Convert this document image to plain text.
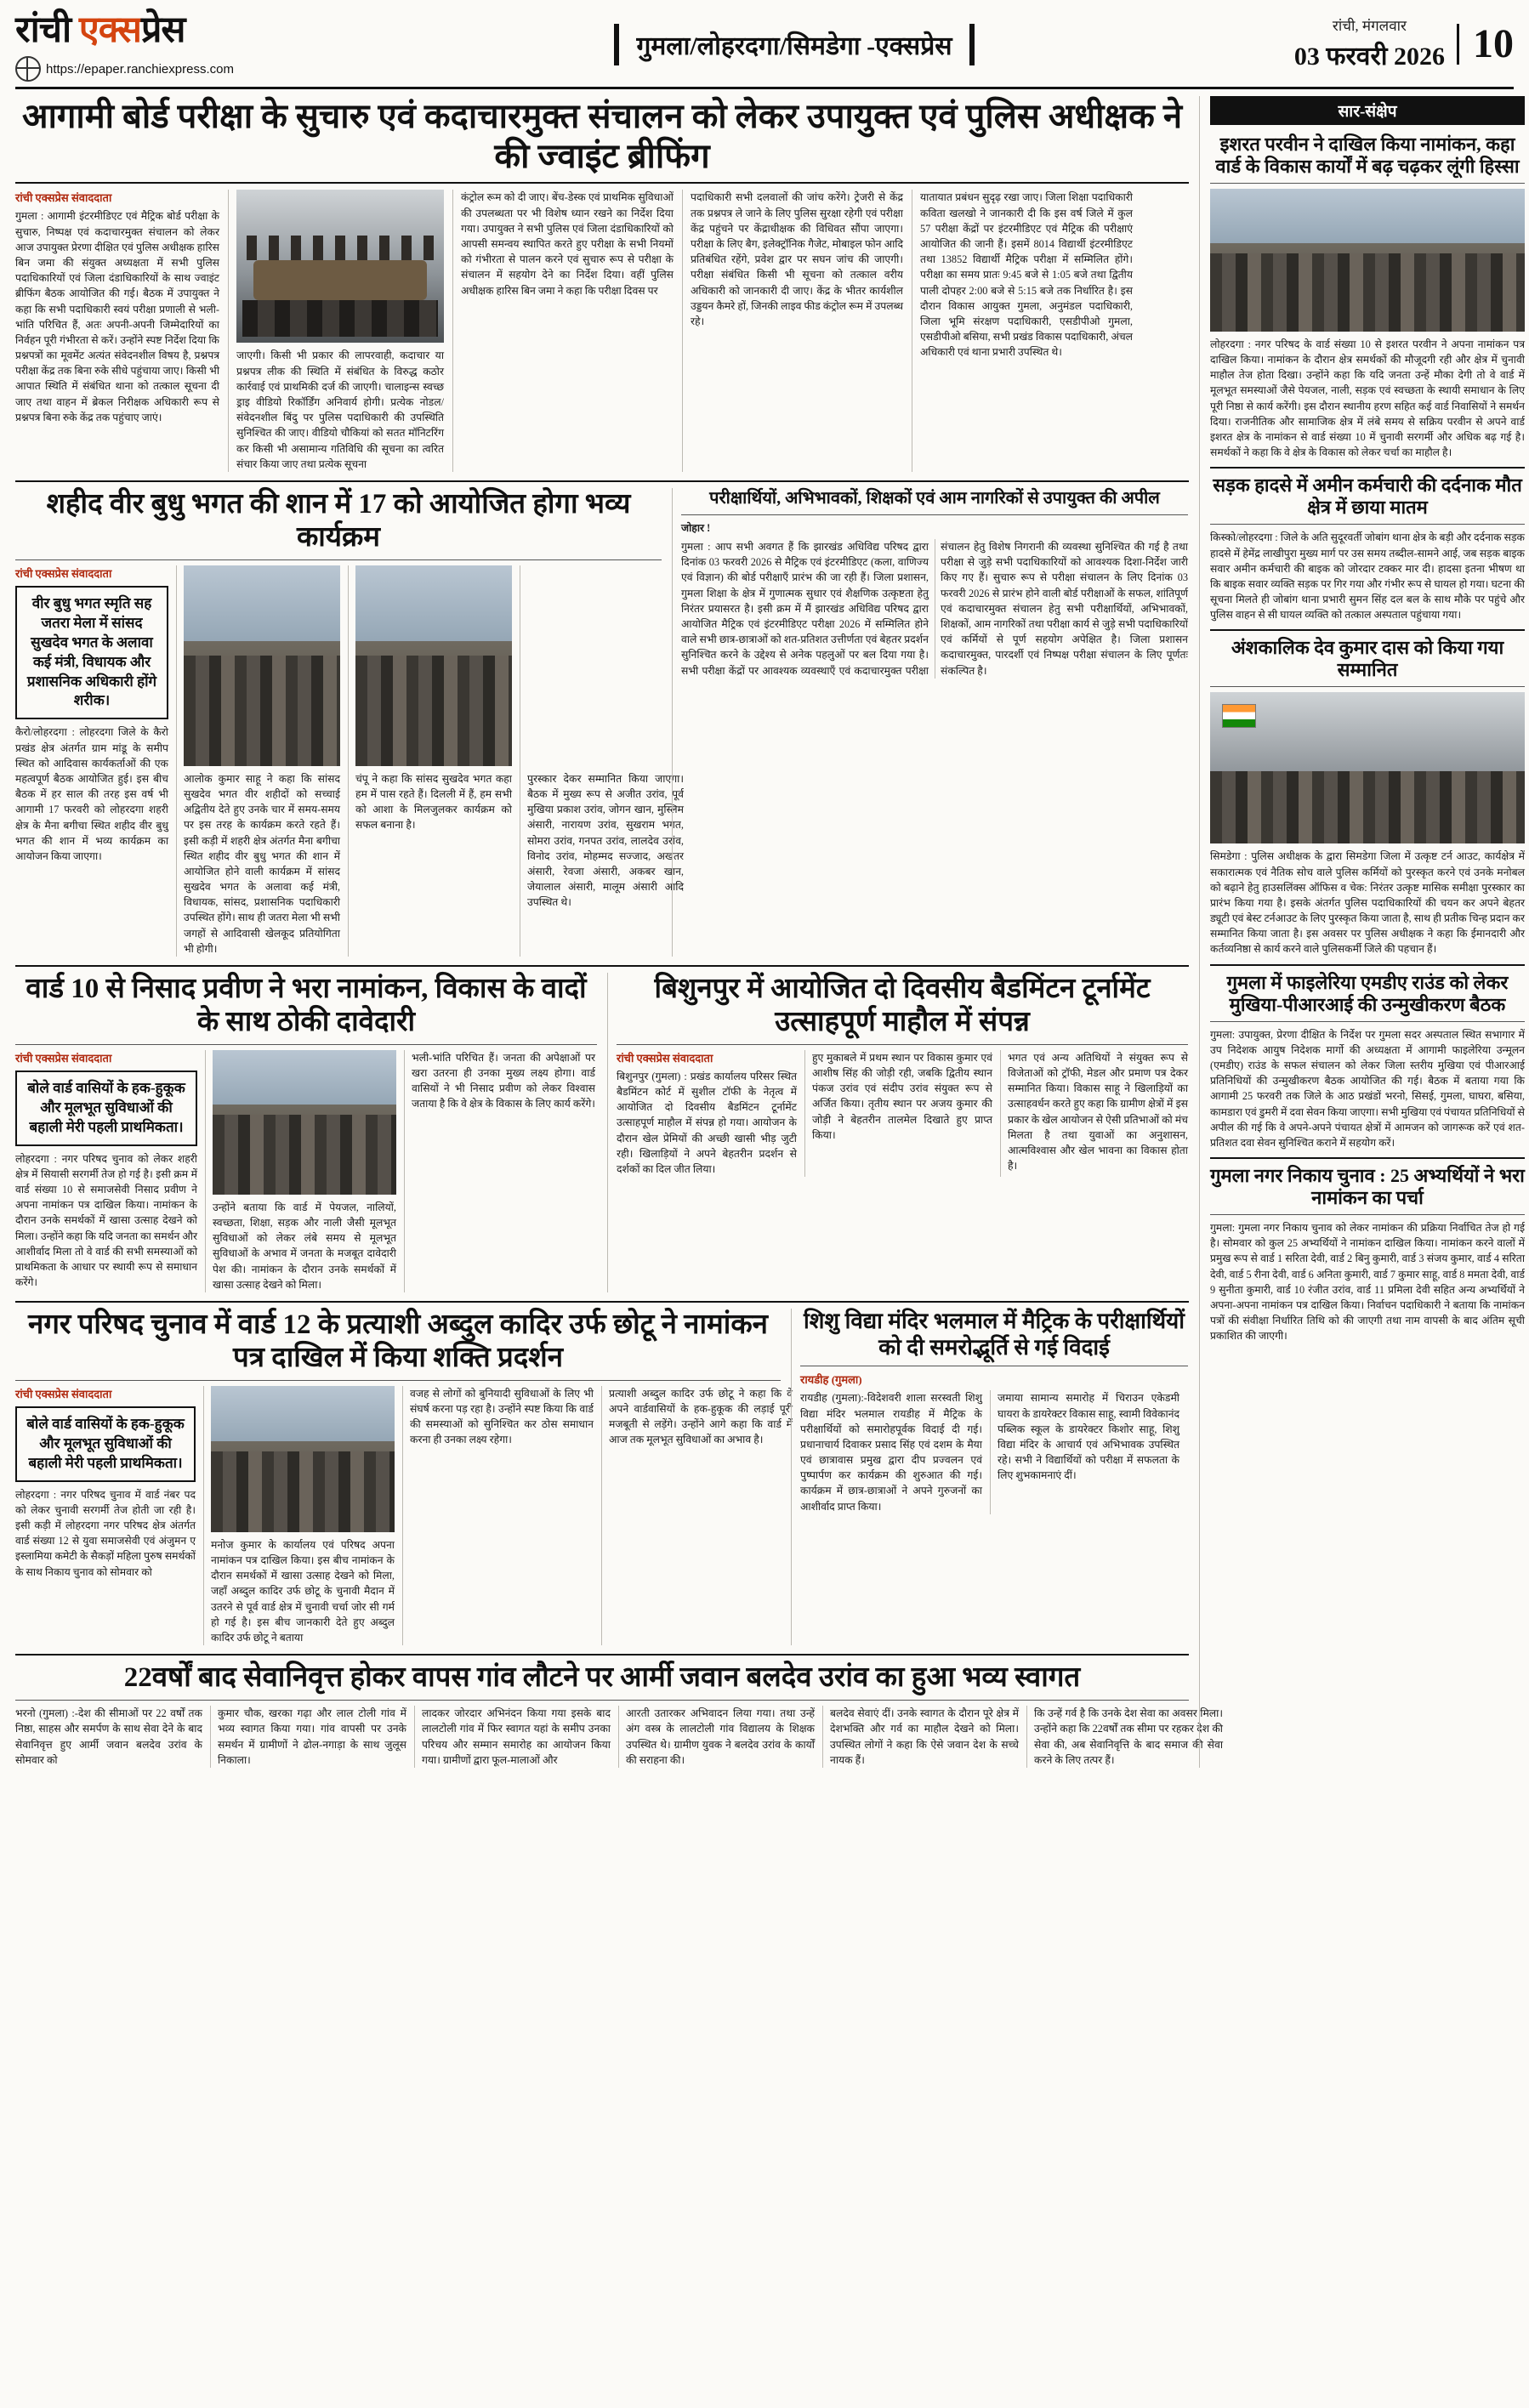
रांची एक्सप्रेस
https://epaper.ranchiexpress.com
गुमला/लोहरदगा/सिमडेगा -एक्सप्रेस
रांची, मंगलवार
03 फरवरी 2026 10
आगामी बोर्ड परीक्षा के सुचारु एवं कदाचारमुक्त संचालन को लेकर उपायुक्त एवं पुलिस अधीक्षक ने की ज्वाइंट ब्रीफिंग
रांची एक्सप्रेस संवाददाता
गुमला : आगामी इंटरमीडिएट एवं मैट्रिक बोर्ड परीक्षा के सुचारु, निष्पक्ष एवं कदाचारमुक्त संचालन को लेकर आज उपायुक्त प्रेरणा दीक्षित एवं पुलिस अधीक्षक हारिस बिन जमा की संयुक्त अध्यक्षता में सभी पुलिस पदाधिकारियों एवं जिला दंडाधिकारियों के साथ ज्वाइंट ब्रीफिंग बैठक आयोजित की गई। बैठक में उपायुक्त ने कहा कि सभी पदाधिकारी स्वयं परीक्षा प्रणाली से भली-भांति परिचित हैं, अतः अपनी-अपनी जिम्मेदारियों का निर्वहन पूरी गंभीरता से करें। उन्होंने स्पष्ट निर्देश दिया कि प्रश्नपत्रों का मूवमेंट अत्यंत संवेदनशील विषय है, प्रश्नपत्र परीक्षा केंद्र तक बिना रुके सीधे पहुंचाया जाए। किसी भी आपात स्थिति में संबंधित थाना को तत्काल सूचना दी जाए तथा वाहन में ब्रेकल निरीक्षक अधिकारी रूप से प्रश्नपत्र बिना रुके केंद्र तक पहुंचाए जाएं।
जाएगी। किसी भी प्रकार की लापरवाही, कदाचार या प्रश्नपत्र लीक की स्थिति में संबंधित के विरुद्ध कठोर कार्रवाई एवं प्राथमिकी दर्ज की जाएगी। चालाइन्स स्वच्छ ड्राइ वीडियो रिकॉर्डिंग अनिवार्य होगी। प्रत्येक नोडल/संवेदनशील बिंदु पर पुलिस पदाधिकारी की उपस्थिति सुनिश्चित की जाए। वीडियो चौकियां को सतत मॉनिटरिंग कर किसी भी असामान्य गतिविधि की सूचना का त्वरित संचार किया जाए तथा प्रत्येक सूचना
कंट्रोल रूम को दी जाए। बेंच-डेस्क एवं प्राथमिक सुविधाओं की उपलब्धता पर भी विशेष ध्यान रखने का निर्देश दिया गया। उपायुक्त ने सभी पुलिस एवं जिला दंडाधिकारियों को आपसी समन्वय स्थापित करते हुए परीक्षा के सभी नियमों को गंभीरता से पालन करने एवं सुचारु रूप से परीक्षा के संचालन में सहयोग देने का निर्देश दिया। वहीं पुलिस अधीक्षक हारिस बिन जमा ने कहा कि परीक्षा दिवस पर
पदाधिकारी सभी दलवालों की जांच करेंगे। ट्रेजरी से केंद्र तक प्रश्नपत्र ले जाने के लिए पुलिस सुरक्षा रहेगी एवं परीक्षा केंद्र पहुंचने पर केंद्राधीक्षक की विधिवत सौंपा जाएगा। परीक्षा के लिए बैग, इलेक्ट्रॉनिक गैजेट, मोबाइल फोन आदि प्रतिबंधित रहेंगे, प्रवेश द्वार पर सघन जांच की जाएगी। परीक्षा संबंधित किसी भी सूचना को तत्काल वरीय अधिकारी को जानकारी दी जाए। केंद्र के भीतर कार्यशील उड्डयन कैमरे हों, जिनकी लाइव फीड कंट्रोल रूम में उपलब्ध रहे।
यातायात प्रबंधन सुदृढ़ रखा जाए। जिला शिक्षा पदाधिकारी कविता खलखो ने जानकारी दी कि इस वर्ष जिले में कुल 57 परीक्षा केंद्रों पर इंटरमीडिएट एवं मैट्रिक की परीक्षाएं आयोजित की जानी हैं। इसमें 8014 विद्यार्थी इंटरमीडिएट तथा 13852 विद्यार्थी मैट्रिक परीक्षा में सम्मिलित होंगे। परीक्षा का समय प्रातः 9:45 बजे से 1:05 बजे तथा द्वितीय पाली दोपहर 2:00 बजे से 5:15 बजे तक निर्धारित है। इस दौरान विकास आयुक्त गुमला, अनुमंडल पदाधिकारी, जिला भूमि संरक्षण पदाधिकारी, एसडीपीओ गुमला, एसडीपीओ बसिया, सभी प्रखंड विकास पदाधिकारी, अंचल अधिकारी एवं थाना प्रभारी उपस्थित थे।
शहीद वीर बुधु भगत की शान में 17 को आयोजित होगा भव्य कार्यक्रम
रांची एक्सप्रेस संवाददाता
वीर बुधु भगत स्मृति सह जतरा मेला में सांसद सुखदेव भगत के अलावा कई मंत्री, विधायक और प्रशासनिक अधिकारी होंगे शरीक।
कैरो/लोहरदगा : लोहरदगा जिले के कैरो प्रखंड क्षेत्र अंतर्गत ग्राम मांडू के समीप स्थित को आदिवास कार्यकर्ताओं की एक महत्वपूर्ण बैठक आयोजित हुई। इस बीच बैठक में हर साल की तरह इस वर्ष भी आगामी 17 फरवरी को लोहरदगा शहरी क्षेत्र के मैना बगीचा स्थित शहीद वीर बुधु भगत की शान में भव्य कार्यक्रम का आयोजन किया जाएगा।
आलोक कुमार साहू ने कहा कि सांसद सुखदेव भगत वीर शहीदों को सच्चाई अद्वितीय देते हुए उनके चार में समय-समय पर इस तरह के कार्यक्रम करते रहते हैं। इसी कड़ी में शहरी क्षेत्र अंतर्गत मैना बगीचा स्थित शहीद वीर बुधु भगत की शान में आयोजित होने वाली कार्यक्रम में सांसद सुखदेव भगत के अलावा कई मंत्री, विधायक, सांसद, प्रशासनिक पदाधिकारी उपस्थित होंगे। साथ ही जतरा मेला भी सभी जगहों से आदिवासी खेलकूद प्रतियोगिता भी होगी।
चंपू ने कहा कि सांसद सुखदेव भगत कहा हम में पास रहते हैं। दिलली में हैं, हम सभी को आशा के मिलजुलकर कार्यक्रम को सफल बनाना है।
पुरस्कार देकर सम्मानित किया जाएगा। बैठक में मुख्य रूप से अजीत उरांव, पूर्व मुखिया प्रकाश उरांव, जोगन खान, मुस्लिम अंसारी, नारायण उरांव, सुखराम भगत, सोमरा उरांव, गनपत उरांव, लालदेव उरांव, विनोद उरांव, मोहम्मद सज्जाद, अखतर अंसारी, रेवजा अंसारी, अकबर खान, जेयालाल अंसारी, मालूम अंसारी आदि उपस्थित थे।
परीक्षार्थियों, अभिभावकों, शिक्षकों एवं आम नागरिकों से उपायुक्त की अपील
जोहार !
गुमला : आप सभी अवगत हैं कि झारखंड अधिविद्य परिषद द्वारा दिनांक 03 फरवरी 2026 से मैट्रिक एवं इंटरमीडिएट (कला, वाणिज्य एवं विज्ञान) की बोर्ड परीक्षाएँ प्रारंभ की जा रही हैं। जिला प्रशासन, गुमला शिक्षा के क्षेत्र में गुणात्मक सुधार एवं शैक्षणिक उत्कृष्टता हेतु निरंतर प्रयासरत है। इसी क्रम में मैं झारखंड अधिविद्य परिषद द्वारा आयोजित मैट्रिक एवं इंटरमीडिएट परीक्षा 2026 में सम्मिलित होने वाले सभी छात्र-छात्राओं को शत-प्रतिशत उत्तीर्णता एवं बेहतर प्रदर्शन सुनिश्चित करने के उद्देश्य से अनेक पहलुओं पर बल दिया गया है। सभी परीक्षा केंद्रों पर आवश्यक व्यवस्थाएँ एवं कदाचारमुक्त परीक्षा संचालन हेतु विशेष निगरानी की व्यवस्था सुनिश्चित की गई है तथा परीक्षा से जुड़े सभी पदाधिकारियों को आवश्यक दिशा-निर्देश जारी किए गए हैं। सुचारु रूप से परीक्षा संचालन के लिए दिनांक 03 फरवरी 2026 से प्रारंभ होने वाली बोर्ड परीक्षाओं के सफल, शांतिपूर्ण एवं कदाचारमुक्त संचालन हेतु सभी परीक्षार्थियों, अभिभावकों, शिक्षकों, आम नागरिकों तथा परीक्षा कार्य से जुड़े सभी पदाधिकारियों एवं कर्मियों से पूर्ण सहयोग अपेक्षित है। जिला प्रशासन कदाचारमुक्त, पारदर्शी एवं निष्पक्ष परीक्षा संचालन के लिए पूर्णतः संकल्पित है।
वार्ड 10 से निसाद प्रवीण ने भरा नामांकन, विकास के वादों के साथ ठोकी दावेदारी
रांची एक्सप्रेस संवाददाता
बोले वार्ड वासियों के हक-हुकूक और मूलभूत सुविधाओं की बहाली मेरी पहली प्राथमिकता।
लोहरदगा : नगर परिषद चुनाव को लेकर शहरी क्षेत्र में सियासी सरगर्मी तेज हो गई है। इसी क्रम में वार्ड संख्या 10 से समाजसेवी निसाद प्रवीण ने अपना नामांकन पत्र दाखिल किया। नामांकन के दौरान उनके समर्थकों में खासा उत्साह देखने को मिला। उन्होंने कहा कि यदि जनता का समर्थन और आशीर्वाद मिला तो वे वार्ड की सभी समस्याओं को प्राथमिकता के आधार पर स्थायी रूप से समाधान करेंगे।
उन्होंने बताया कि वार्ड में पेयजल, नालियों, स्वच्छता, शिक्षा, सड़क और नाली जैसी मूलभूत सुविधाओं को लेकर लंबे समय से मूलभूत सुविधाओं के अभाव में जनता के मजबूत दावेदारी पेश की। नामांकन के दौरान उनके समर्थकों में खासा उत्साह देखने को मिला।
भली-भांति परिचित हैं। जनता की अपेक्षाओं पर खरा उतरना ही उनका मुख्य लक्ष्य होगा। वार्ड वासियों ने भी निसाद प्रवीण को लेकर विश्वास जताया है कि वे क्षेत्र के विकास के लिए कार्य करेंगे।
बिशुनपुर में आयोजित दो दिवसीय बैडमिंटन टूर्नामेंट उत्साहपूर्ण माहौल में संपन्न
रांची एक्सप्रेस संवाददाता
बिशुनपुर (गुमला) : प्रखंड कार्यालय परिसर स्थित बैडमिंटन कोर्ट में सुशील टॉफी के नेतृत्व में आयोजित दो दिवसीय बैडमिंटन टूर्नामेंट उत्साहपूर्ण माहौल में संपन्न हो गया। आयोजन के दौरान खेल प्रेमियों की अच्छी खासी भीड़ जुटी रही। खिलाड़ियों ने अपने बेहतरीन प्रदर्शन से दर्शकों का दिल जीत लिया।
हुए मुकाबले में प्रथम स्थान पर विकास कुमार एवं आशीष सिंह की जोड़ी रही, जबकि द्वितीय स्थान पंकज उरांव एवं संदीप उरांव संयुक्त रूप से अर्जित किया। तृतीय स्थान पर अजय कुमार की जोड़ी ने बेहतरीन तालमेल दिखाते हुए प्राप्त किया।
भगत एवं अन्य अतिथियों ने संयुक्त रूप से विजेताओं को ट्रॉफी, मेडल और प्रमाण पत्र देकर सम्मानित किया। विकास साहू ने खिलाड़ियों का उत्साहवर्धन करते हुए कहा कि ग्रामीण क्षेत्रों में इस प्रकार के खेल आयोजन से ऐसी प्रतिभाओं को मंच मिलता है तथा युवाओं का अनुशासन, आत्मविश्वास और खेल भावना का विकास होता है।
नगर परिषद चुनाव में वार्ड 12 के प्रत्याशी अब्दुल कादिर उर्फ छोटू ने नामांकन पत्र दाखिल में किया शक्ति प्रदर्शन
रांची एक्सप्रेस संवाददाता
बोले वार्ड वासियों के हक-हुकूक और मूलभूत सुविधाओं की बहाली मेरी पहली प्राथमिकता।
लोहरदगा : नगर परिषद चुनाव में वार्ड नंबर पद को लेकर चुनावी सरगर्मी तेज होती जा रही है। इसी कड़ी में लोहरदगा नगर परिषद क्षेत्र अंतर्गत वार्ड संख्या 12 से युवा समाजसेवी एवं अंजुमन ए इस्लामिया कमेटी के सैकड़ों महिला पुरुष समर्थकों के साथ निकाय चुनाव को सोमवार को
मनोज कुमार के कार्यालय एवं परिषद अपना नामांकन पत्र दाखिल किया। इस बीच नामांकन के दौरान समर्थकों में खासा उत्साह देखने को मिला, जहाँ अब्दुल कादिर उर्फ छोटू के चुनावी मैदान में उतरने से पूर्व वार्ड क्षेत्र में चुनावी चर्चा जोर सी गर्म हो गई है। इस बीच जानकारी देते हुए अब्दुल कादिर उर्फ छोटू ने बताया
वजह से लोगों को बुनियादी सुविधाओं के लिए भी संघर्ष करना पड़ रहा है। उन्होंने स्पष्ट किया कि वार्ड की समस्याओं को सुनिश्चित कर ठोस समाधान करना ही उनका लक्ष्य रहेगा।
प्रत्याशी अब्दुल कादिर उर्फ छोटू ने कहा कि वे अपने वार्डवासियों के हक-हुकूक की लड़ाई पूरी मजबूती से लड़ेंगे। उन्होंने आगे कहा कि वार्ड में आज तक मूलभूत सुविधाओं का अभाव है।
शिशु विद्या मंदिर भलमाल में मैट्रिक के परीक्षार्थियों को दी समरोद्भूर्ति से गई विदाई
रायडीह (गुमला)
रायडीह (गुमला):-विदेशवरी शाला सरस्वती शिशु विद्या मंदिर भलमाल रायडीह में मैट्रिक के परीक्षार्थियों को समारोहपूर्वक विदाई दी गई। प्रधानाचार्य दिवाकर प्रसाद सिंह एवं दशम के मैया एवं छात्रावास प्रमुख द्वारा दीप प्रज्वलन एवं पुष्पार्पण कर कार्यक्रम की शुरुआत की गई। कार्यक्रम में छात्र-छात्राओं ने अपने गुरुजनों का आशीर्वाद प्राप्त किया।
जमाया सामान्य समारोह में चिराउन एकेडमी घायरा के डायरेक्टर विकास साहू, स्वामी विवेकानंद पब्लिक स्कूल के डायरेक्टर किशोर साहू, शिशु विद्या मंदिर के आचार्य एवं अभिभावक उपस्थित रहे। सभी ने विद्यार्थियों को परीक्षा में सफलता के लिए शुभकामनाएं दीं।
22वर्षों बाद सेवानिवृत्त होकर वापस गांव लौटने पर आर्मी जवान बलदेव उरांव का हुआ भव्य स्वागत
भरनो (गुमला) :-देश की सीमाओं पर 22 वर्षों तक निष्ठा, साहस और समर्पण के साथ सेवा देने के बाद सेवानिवृत्त हुए आर्मी जवान बलदेव उरांव के सोमवार को
कुमार चौक, खरका गढ़ा और लाल टोली गांव में भव्य स्वागत किया गया। गांव वापसी पर उनके समर्थन में ग्रामीणों ने ढोल-नगाड़ा के साथ जुलूस निकाला।
लादकर जोरदार अभिनंदन किया गया इसके बाद लालटोली गांव में फिर स्वागत यहां के समीप उनका परिचय और सम्मान समारोह का आयोजन किया गया। ग्रामीणों द्वारा फूल-मालाओं और
आरती उतारकर अभिवादन लिया गया। तथा उन्हें अंग वस्त्र के लालटोली गांव विद्यालय के शिक्षक उपस्थित थे। ग्रामीण युवक ने बलदेव उरांव के कार्यों की सराहना की।
बलदेव सेवाएं दीं। उनके स्वागत के दौरान पूरे क्षेत्र में देशभक्ति और गर्व का माहौल देखने को मिला। उपस्थित लोगों ने कहा कि ऐसे जवान देश के सच्चे नायक हैं।
कि उन्हें गर्व है कि उनके देश सेवा का अवसर मिला। उन्होंने कहा कि 22वर्षों तक सीमा पर रहकर देश की सेवा की, अब सेवानिवृत्ति के बाद समाज की सेवा करने के लिए तत्पर हैं।
सार-संक्षेप
इशरत परवीन ने दाखिल किया नामांकन, कहा वार्ड के विकास कार्यों में बढ़ चढ़कर लूंगी हिस्सा
लोहरदगा : नगर परिषद के वार्ड संख्या 10 से इशरत परवीन ने अपना नामांकन पत्र दाखिल किया। नामांकन के दौरान क्षेत्र समर्थकों की मौजूदगी रही और क्षेत्र में चुनावी माहौल तेज होता दिखा। उन्होंने कहा कि यदि जनता उन्हें मौका देगी तो वे वार्ड में मूलभूत समस्याओं जैसे पेयजल, नाली, सड़क एवं स्वच्छता के स्थायी समाधान के लिए पूरी निष्ठा से कार्य करेंगी। इस दौरान स्थानीय हरण सहित कई वार्ड निवासियों ने समर्थन दिया। राजनीतिक और सामाजिक क्षेत्र में लंबे समय से सक्रिय परवीन से अपने वार्ड इशरत क्षेत्र के नामांकन से वार्ड संख्या 10 में चुनावी सरगर्मी और अधिक बढ़ गई है। समर्थकों ने कहा कि वे क्षेत्र के विकास को लेकर चर्चा का माहौल है।
सड़क हादसे में अमीन कर्मचारी की दर्दनाक मौत क्षेत्र में छाया मातम
किस्को/लोहरदगा : जिले के अति सुदूरवर्ती जोबांग थाना क्षेत्र के बड़ी और दर्दनाक सड़क हादसे में हेमेंद्र लाखीपुरा मुख्य मार्ग पर उस समय तब्दील-सामने आई, जब सड़क बाइक सवार अमीन कर्मचारी की बाइक को जोरदार टक्कर मार दी। हादसा इतना भीषण था कि बाइक सवार व्यक्ति सड़क पर गिर गया और गंभीर रूप से घायल हो गया। घटना की सूचना मिलते ही जोबांग थाना प्रभारी सुमन सिंह दल बल के साथ मौके पर पहुंचे और पुलिस वाहन से सी घायल व्यक्ति को तत्काल अस्पताल पहुंचाया गया।
अंशकालिक देव कुमार दास को किया गया सम्मानित
सिमडेगा : पुलिस अधीक्षक के द्वारा सिमडेगा जिला में उत्कृष्ट टर्न आउट, कार्यक्षेत्र में सकारात्मक एवं नैतिक सोच वाले पुलिस कर्मियों को पुरस्कृत करने एवं उनके मनोबल को बढ़ाने हेतु हाउसलिंक्स ऑफिस व चेक: निरंतर उत्कृष्ट मासिक समीक्षा पुरस्कार का प्रारंभ किया गया है। इसके अंतर्गत पुलिस पदाधिकारियों की चयन कर अपने बेहतर ड्यूटी एवं बेस्ट टर्नआउट के लिए पुरस्कृत किया जाता है, साथ ही प्रतीक चिन्ह प्रदान कर सम्मानित किया जाता है। इस अवसर पर पुलिस अधीक्षक ने कहा कि ईमानदारी और कर्तव्यनिष्ठा से कार्य करने वाले पुलिसकर्मी जिले की पहचान हैं।
गुमला में फाइलेरिया एमडीए राउंड को लेकर मुखिया-पीआरआई की उन्मुखीकरण बैठक
गुमला: उपायुक्त, प्रेरणा दीक्षित के निर्देश पर गुमला सदर अस्पताल स्थित सभागार में उप निदेशक आयुष निदेशक मार्गो की अध्यक्षता में आगामी फाइलेरिया उन्मूलन (एमडीए) राउंड के सफल संचालन को लेकर जिला स्तरीय मुखिया एवं पीआरआई प्रतिनिधियों की उन्मुखीकरण बैठक आयोजित की गई। बैठक में बताया गया कि आगामी 25 फरवरी तक जिले के आठ प्रखंडों भरनो, सिसई, गुमला, घाघरा, बसिया, कामडारा एवं डुमरी में दवा सेवन किया जाएगा। सभी मुखिया एवं पंचायत प्रतिनिधियों से अपील की गई कि वे अपने-अपने पंचायत क्षेत्रों में आमजन को जागरूक करें एवं शत-प्रतिशत दवा सेवन सुनिश्चित कराने में सहयोग करें।
गुमला नगर निकाय चुनाव : 25 अभ्यर्थियों ने भरा नामांकन का पर्चा
गुमला: गुमला नगर निकाय चुनाव को लेकर नामांकन की प्रक्रिया निर्वाचित तेज हो गई है। सोमवार को कुल 25 अभ्यर्थियों ने नामांकन दाखिल किया। नामांकन करने वालों में प्रमुख रूप से वार्ड 1 सरिता देवी, वार्ड 2 बिनु कुमारी, वार्ड 3 संजय कुमार, वार्ड 4 सरिता देवी, वार्ड 5 रीना देवी, वार्ड 6 अनिता कुमारी, वार्ड 7 कुमार साहू, वार्ड 8 ममता देवी, वार्ड 9 सुनीता कुमारी, वार्ड 10 रंजीत उरांव, वार्ड 11 प्रमिला देवी सहित अन्य अभ्यर्थियों ने अपना-अपना नामांकन पत्र दाखिल किया। निर्वाचन पदाधिकारी ने बताया कि नामांकन पत्रों की संवीक्षा निर्धारित तिथि को की जाएगी तथा नाम वापसी के बाद अंतिम सूची प्रकाशित की जाएगी।
